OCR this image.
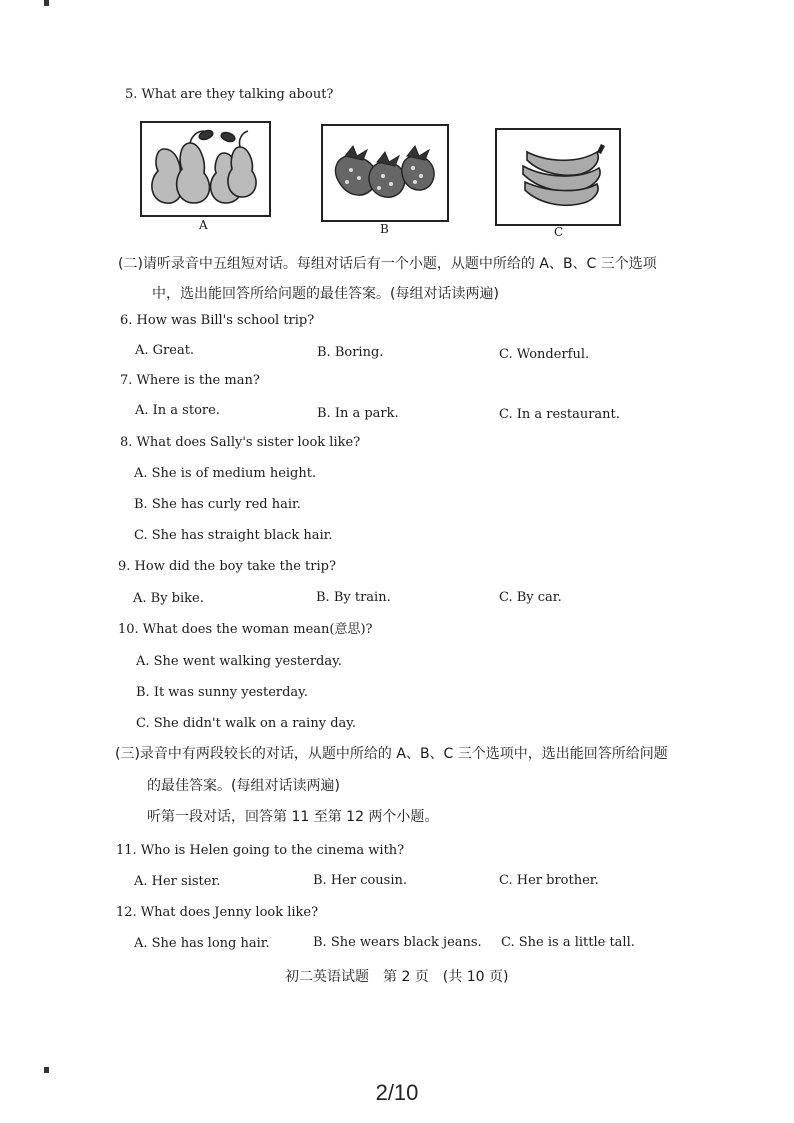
5. What are they talking about?
A	B	C
(二)请听录音中五组短对话。每组对话后有一个小题，从题中所给的 A、B、C 三个选项
中，选出能回答所给问题的最佳答案。(每组对话读两遍)
6. How was Bill's school trip?
A. Great.	B. Boring.	C. Wonderful.
7. Where is the man?
A. In a store.	B. In a park.	C. In a restaurant.
8. What does Sally's sister look like?
A. She is of medium height.
B. She has curly red hair.
C. She has straight black hair.
9. How did the boy take the trip?
A. By bike.	B. By train.	C. By car.
10. What does the woman mean(意思)?
A. She went walking yesterday.
B. It was sunny yesterday.
C. She didn't walk on a rainy day.
(三)录音中有两段较长的对话，从题中所给的 A、B、C 三个选项中，选出能回答所给问题
的最佳答案。(每组对话读两遍)
听第一段对话，回答第 11 至第 12 两个小题。
11. Who is Helen going to the cinema with?
A. Her sister.	B. Her cousin.	C. Her brother.
12. What does Jenny look like?
A. She has long hair.	B. She wears black jeans. C. She is a little tall.
初二英语试题　第 2 页　(共 10 页)
2/10
